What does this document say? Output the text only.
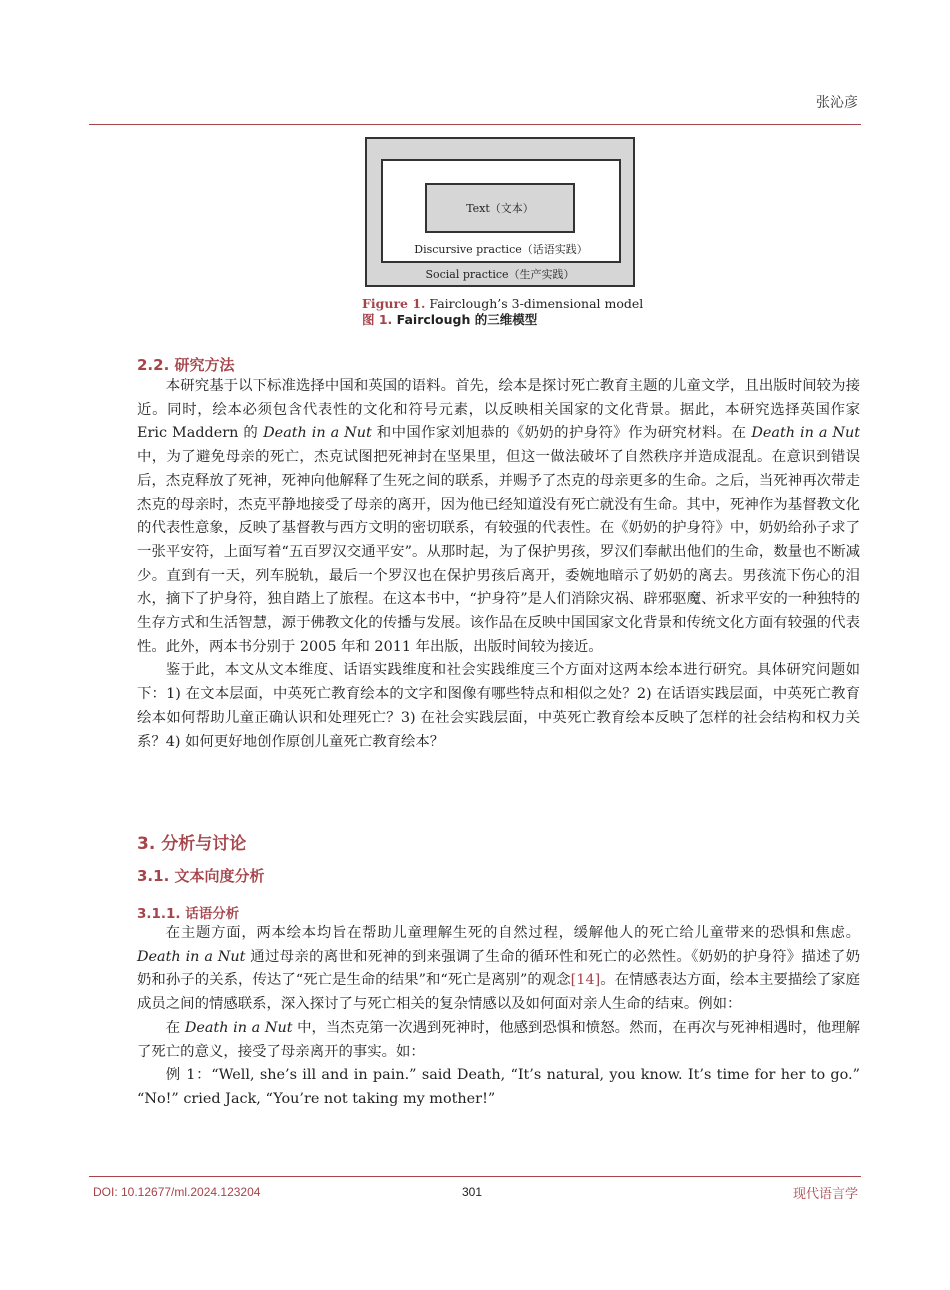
张沁彦
Text（文本）
Discursive practice（话语实践）
Social practice（生产实践）
Figure 1. Fairclough’s 3-dimensional model
图 1. Fairclough 的三维模型
2.2. 研究方法

本研究基于以下标准选择中国和英国的语料。首先，绘本是探讨死亡教育主题的儿童文学，且出版时间较为接近。同时，绘本必须包含代表性的文化和符号元素，以反映相关国家的文化背景。据此，本研究选择英国作家 Eric Maddern 的 Death in a Nut 和中国作家刘旭恭的《奶奶的护身符》作为研究材料。在 Death in a Nut 中，为了避免母亲的死亡，杰克试图把死神封在坚果里，但这一做法破坏了自然秩序并造成混乱。在意识到错误后，杰克释放了死神，死神向他解释了生死之间的联系，并赐予了杰克的母亲更多的生命。之后，当死神再次带走杰克的母亲时，杰克平静地接受了母亲的离开，因为他已经知道没有死亡就没有生命。其中，死神作为基督教文化的代表性意象，反映了基督教与西方文明的密切联系，有较强的代表性。在《奶奶的护身符》中，奶奶给孙子求了一张平安符，上面写着“五百罗汉交通平安”。从那时起，为了保护男孩，罗汉们奉献出他们的生命，数量也不断减少。直到有一天，列车脱轨，最后一个罗汉也在保护男孩后离开，委婉地暗示了奶奶的离去。男孩流下伤心的泪水，摘下了护身符，独自踏上了旅程。在这本书中，“护身符”是人们消除灾祸、辟邪驱魔、祈求平安的一种独特的生存方式和生活智慧，源于佛教文化的传播与发展。该作品在反映中国国家文化背景和传统文化方面有较强的代表性。此外，两本书分别于 2005 年和 2011 年出版，出版时间较为接近。

鉴于此，本文从文本维度、话语实践维度和社会实践维度三个方面对这两本绘本进行研究。具体研究问题如下：1) 在文本层面，中英死亡教育绘本的文字和图像有哪些特点和相似之处？2) 在话语实践层面，中英死亡教育绘本如何帮助儿童正确认识和处理死亡？3) 在社会实践层面，中英死亡教育绘本反映了怎样的社会结构和权力关系？4) 如何更好地创作原创儿童死亡教育绘本？

3. 分析与讨论
3.1. 文本向度分析
3.1.1. 话语分析

在主题方面，两本绘本均旨在帮助儿童理解生死的自然过程，缓解他人的死亡给儿童带来的恐惧和焦虑。Death in a Nut 通过母亲的离世和死神的到来强调了生命的循环性和死亡的必然性。《奶奶的护身符》描述了奶奶和孙子的关系，传达了“死亡是生命的结果”和“死亡是离别”的观念[14]。在情感表达方面，绘本主要描绘了家庭成员之间的情感联系，深入探讨了与死亡相关的复杂情感以及如何面对亲人生命的结束。例如：

在 Death in a Nut 中，当杰克第一次遇到死神时，他感到恐惧和愤怒。然而，在再次与死神相遇时，他理解了死亡的意义，接受了母亲离开的事实。如：

例 1：“Well, she’s ill and in pain.” said Death, “It’s natural, you know. It’s time for her to go.” “No!” cried Jack, “You’re not taking my mother!”

DOI: 10.12677/ml.2024.123204	301	现代语言学
